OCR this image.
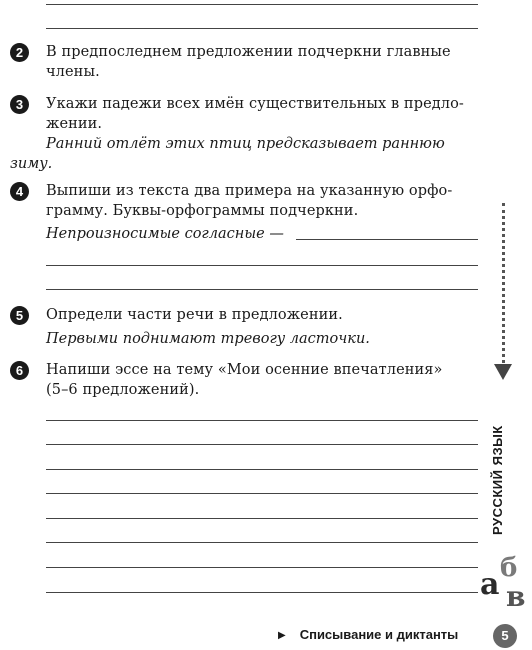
2	В предпоследнем предложении подчеркни главные
члены.
3	Укажи падежи всех имён существительных в предло-
жении.
Ранний отлёт этих птиц предсказывает раннюю
зиму.
4	Выпиши из текста два примера на указанную орфо-
грамму. Буквы-орфограммы подчеркни.
Непроизносимые согласные —
5	Определи части речи в предложении.
Первыми поднимают тревогу ласточки.
6	Напиши эссе на тему «Мои осенние впечатления»
(5–6 предложений).
РУССКИЙ ЯЗЫК
а б
в
▶ Списывание и диктанты	5
